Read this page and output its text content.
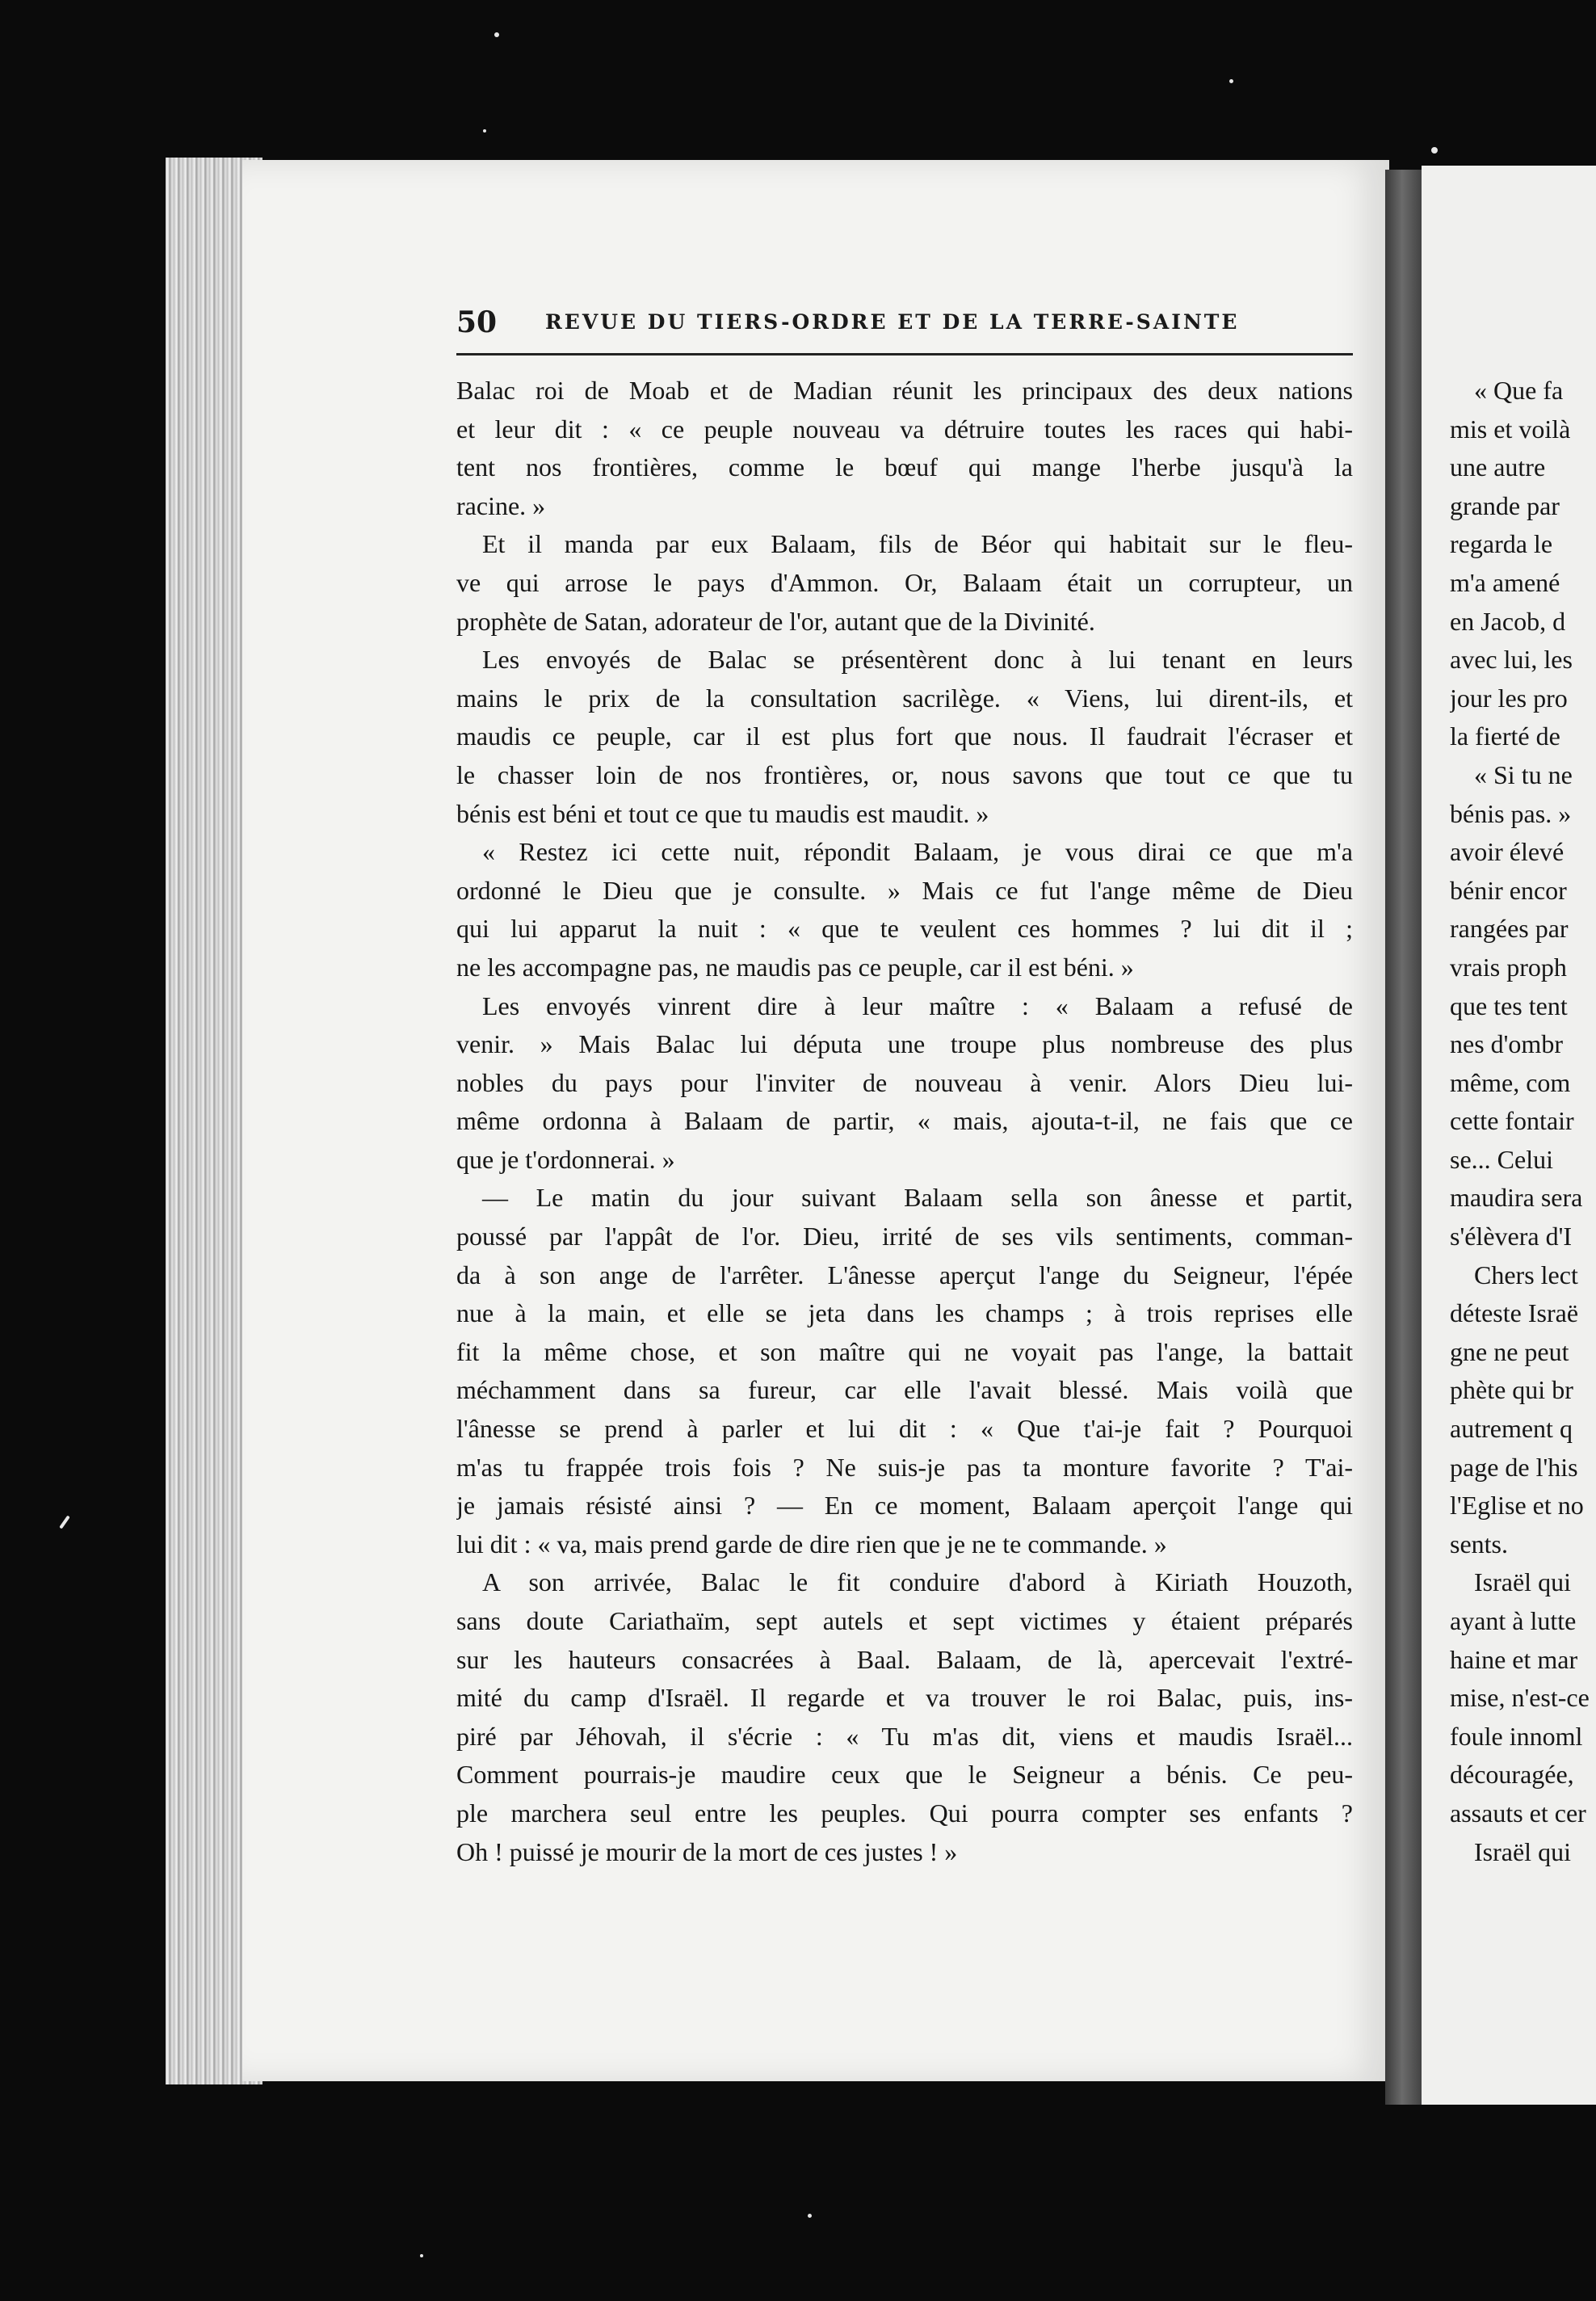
50 REVUE DU TIERS-ORDRE ET DE LA TERRE-SAINTE
Balac roi de Moab et de Madian réunit les principaux des deux nations
et leur dit : « ce peuple nouveau va détruire toutes les races qui habi-
tent nos frontières, comme le bœuf qui mange l'herbe jusqu'à la
racine. »
Et il manda par eux Balaam, fils de Béor qui habitait sur le fleu-
ve qui arrose le pays d'Ammon. Or, Balaam était un corrupteur, un
prophète de Satan, adorateur de l'or, autant que de la Divinité.
Les envoyés de Balac se présentèrent donc à lui tenant en leurs
mains le prix de la consultation sacrilège. « Viens, lui dirent-ils, et
maudis ce peuple, car il est plus fort que nous. Il faudrait l'écraser et
le chasser loin de nos frontières, or, nous savons que tout ce que tu
bénis est béni et tout ce que tu maudis est maudit. »
« Restez ici cette nuit, répondit Balaam, je vous dirai ce que m'a
ordonné le Dieu que je consulte. » Mais ce fut l'ange même de Dieu
qui lui apparut la nuit : « que te veulent ces hommes ? lui dit il ;
ne les accompagne pas, ne maudis pas ce peuple, car il est béni. »
Les envoyés vinrent dire à leur maître : « Balaam a refusé de
venir. » Mais Balac lui députa une troupe plus nombreuse des plus
nobles du pays pour l'inviter de nouveau à venir. Alors Dieu lui-
même ordonna à Balaam de partir, « mais, ajouta-t-il, ne fais que ce
que je t'ordonnerai. »
— Le matin du jour suivant Balaam sella son ânesse et partit,
poussé par l'appât de l'or. Dieu, irrité de ses vils sentiments, comman-
da à son ange de l'arrêter. L'ânesse aperçut l'ange du Seigneur, l'épée
nue à la main, et elle se jeta dans les champs ; à trois reprises elle
fit la même chose, et son maître qui ne voyait pas l'ange, la battait
méchamment dans sa fureur, car elle l'avait blessé. Mais voilà que
l'ânesse se prend à parler et lui dit : « Que t'ai-je fait ? Pourquoi
m'as tu frappée trois fois ? Ne suis-je pas ta monture favorite ? T'ai-
je jamais résisté ainsi ? — En ce moment, Balaam aperçoit l'ange qui
lui dit : « va, mais prend garde de dire rien que je ne te commande. »
A son arrivée, Balac le fit conduire d'abord à Kiriath Houzoth,
sans doute Cariathaïm, sept autels et sept victimes y étaient préparés
sur les hauteurs consacrées à Baal. Balaam, de là, apercevait l'extré-
mité du camp d'Israël. Il regarde et va trouver le roi Balac, puis, ins-
piré par Jéhovah, il s'écrie : « Tu m'as dit, viens et maudis Israël...
Comment pourrais-je maudire ceux que le Seigneur a bénis. Ce peu-
ple marchera seul entre les peuples. Qui pourra compter ses enfants ?
Oh ! puissé je mourir de la mort de ces justes ! »
« Que fa
mis et voilà
une autre
grande par
regarda le
m'a amené
en Jacob, d
avec lui, les
jour les pro
la fierté de
« Si tu ne
bénis pas. »
avoir élevé
bénir encor
rangées par
vrais proph
que tes tent
nes d'ombr
même, com
cette fontair
se... Celui
maudira sera
s'élèvera d'I
Chers lect
déteste Israë
gne ne peut
phète qui br
autrement q
page de l'his
l'Eglise et no
sents.
Israël qui
ayant à lutte
haine et mar
mise, n'est-ce
foule innoml
découragée,
assauts et cer
Israël qui
